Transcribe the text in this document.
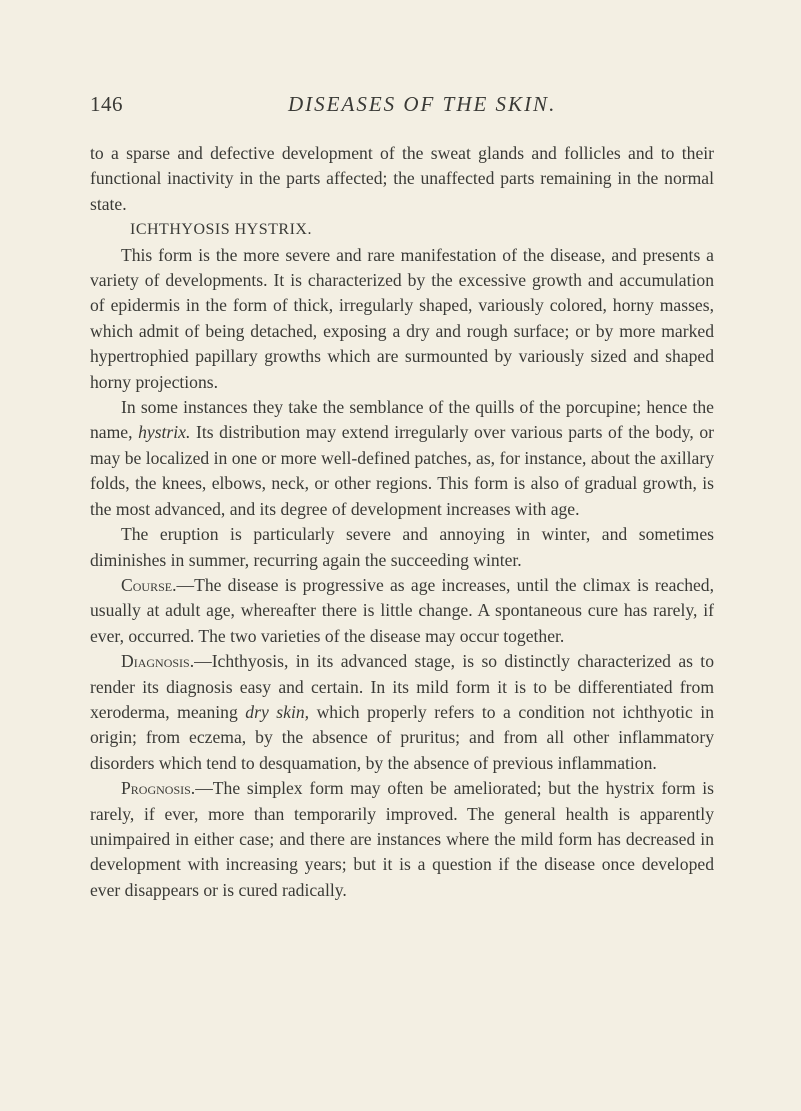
146	DISEASES OF THE SKIN.

to a sparse and defective development of the sweat glands and follicles and to their functional inactivity in the parts affected; the unaffected parts remaining in the normal state.

ICHTHYOSIS HYSTRIX.

This form is the more severe and rare manifestation of the disease, and presents a variety of developments. It is characterized by the excessive growth and accumulation of epidermis in the form of thick, irregularly shaped, variously colored, horny masses, which admit of being detached, exposing a dry and rough surface; or by more marked hypertrophied papillary growths which are surmounted by variously sized and shaped horny projections.

In some instances they take the semblance of the quills of the porcupine; hence the name, hystrix. Its distribution may extend irregularly over various parts of the body, or may be localized in one or more well-defined patches, as, for instance, about the axillary folds, the knees, elbows, neck, or other regions. This form is also of gradual growth, is the most advanced, and its degree of development increases with age.

The eruption is particularly severe and annoying in winter, and sometimes diminishes in summer, recurring again the succeeding winter.

Course.—The disease is progressive as age increases, until the climax is reached, usually at adult age, whereafter there is little change. A spontaneous cure has rarely, if ever, occurred. The two varieties of the disease may occur together.

Diagnosis.—Ichthyosis, in its advanced stage, is so distinctly characterized as to render its diagnosis easy and certain. In its mild form it is to be differentiated from xeroderma, meaning dry skin, which properly refers to a condition not ichthyotic in origin; from eczema, by the absence of pruritus; and from all other inflammatory disorders which tend to desquamation, by the absence of previous inflammation.

Prognosis.—The simplex form may often be ameliorated; but the hystrix form is rarely, if ever, more than temporarily improved. The general health is apparently unimpaired in either case; and there are instances where the mild form has decreased in development with increasing years; but it is a question if the disease once developed ever disappears or is cured radically.
